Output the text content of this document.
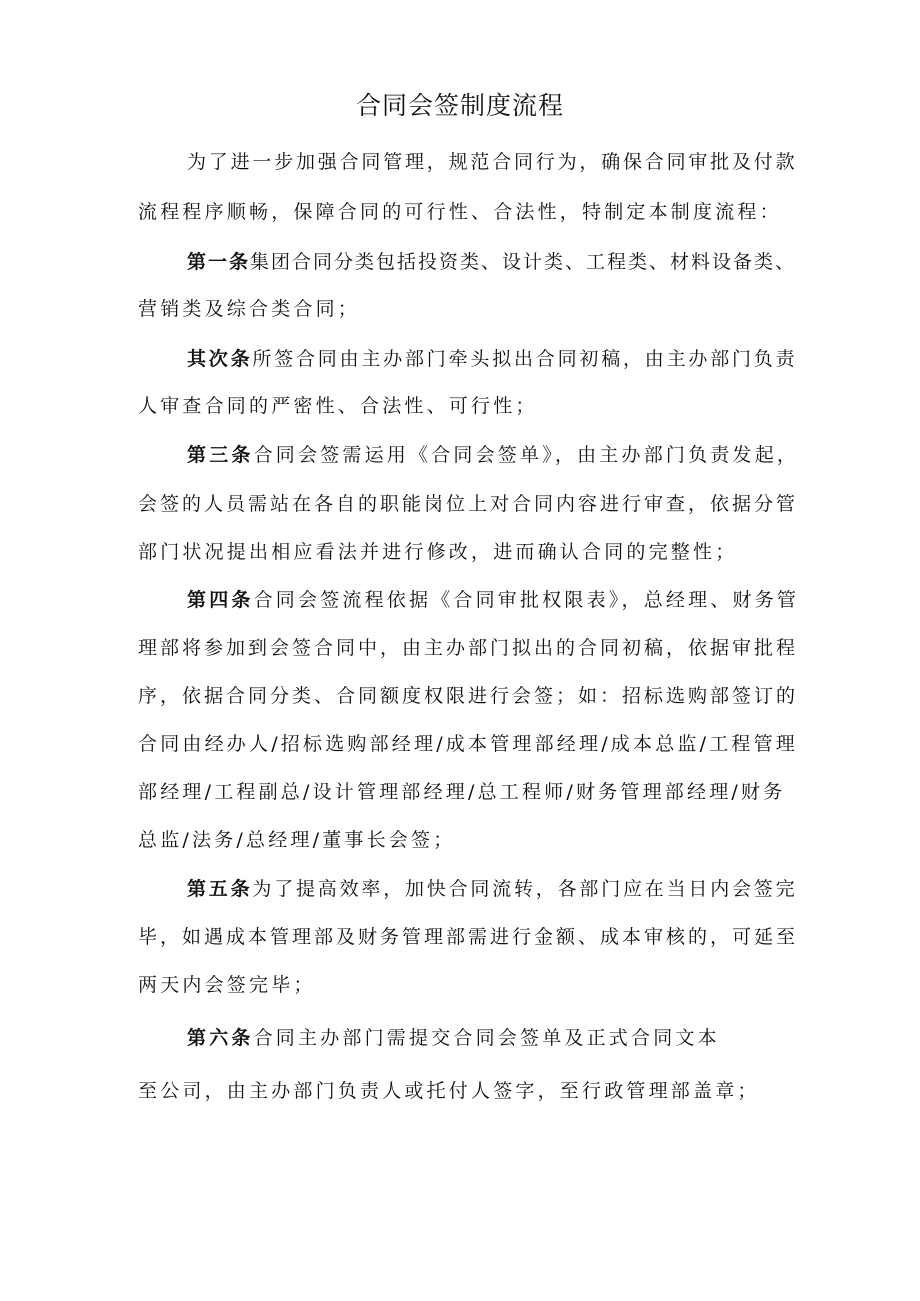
合同会签制度流程
为了进一步加强合同管理，规范合同行为，确保合同审批及付款
流程程序顺畅，保障合同的可行性、合法性，特制定本制度流程：
第一条集团合同分类包括投资类、设计类、工程类、材料设备类、
营销类及综合类合同；
其次条所签合同由主办部门牵头拟出合同初稿，由主办部门负责
人审查合同的严密性、合法性、可行性；
第三条合同会签需运用《合同会签单》，由主办部门负责发起，
会签的人员需站在各自的职能岗位上对合同内容进行审查，依据分管
部门状况提出相应看法并进行修改，进而确认合同的完整性；
第四条合同会签流程依据《合同审批权限表》，总经理、财务管
理部将参加到会签合同中，由主办部门拟出的合同初稿，依据审批程
序，依据合同分类、合同额度权限进行会签；如：招标选购部签订的
合同由经办人/招标选购部经理/成本管理部经理/成本总监/工程管理
部经理/工程副总/设计管理部经理/总工程师/财务管理部经理/财务
总监/法务/总经理/董事长会签；
第五条为了提高效率，加快合同流转，各部门应在当日内会签完
毕，如遇成本管理部及财务管理部需进行金额、成本审核的，可延至
两天内会签完毕；
第六条合同主办部门需提交合同会签单及正式合同文本
至公司，由主办部门负责人或托付人签字，至行政管理部盖章；
